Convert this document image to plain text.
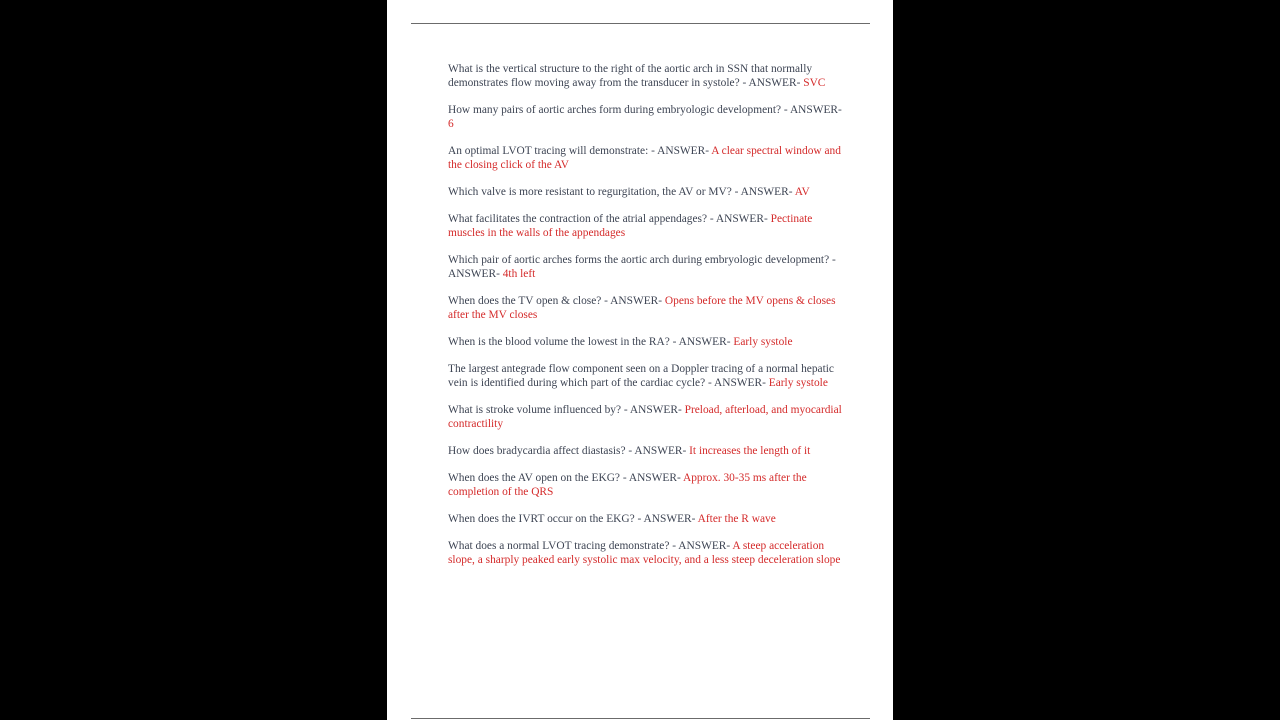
What is the vertical structure to the right of the aortic arch in SSN that normally demonstrates flow moving away from the transducer in systole? - ANSWER- SVC
How many pairs of aortic arches form during embryologic development? - ANSWER- 6
An optimal LVOT tracing will demonstrate: - ANSWER- A clear spectral window and the closing click of the AV
Which valve is more resistant to regurgitation, the AV or MV? - ANSWER- AV
What facilitates the contraction of the atrial appendages? - ANSWER- Pectinate muscles in the walls of the appendages
Which pair of aortic arches forms the aortic arch during embryologic development? - ANSWER- 4th left
When does the TV open & close? - ANSWER- Opens before the MV opens & closes after the MV closes
When is the blood volume the lowest in the RA? - ANSWER- Early systole
The largest antegrade flow component seen on a Doppler tracing of a normal hepatic vein is identified during which part of the cardiac cycle? - ANSWER- Early systole
What is stroke volume influenced by? - ANSWER- Preload, afterload, and myocardial contractility
How does bradycardia affect diastasis? - ANSWER- It increases the length of it
When does the AV open on the EKG? - ANSWER- Approx. 30-35 ms after the completion of the QRS
When does the IVRT occur on the EKG? - ANSWER- After the R wave
What does a normal LVOT tracing demonstrate? - ANSWER- A steep acceleration slope, a sharply peaked early systolic max velocity, and a less steep deceleration slope
